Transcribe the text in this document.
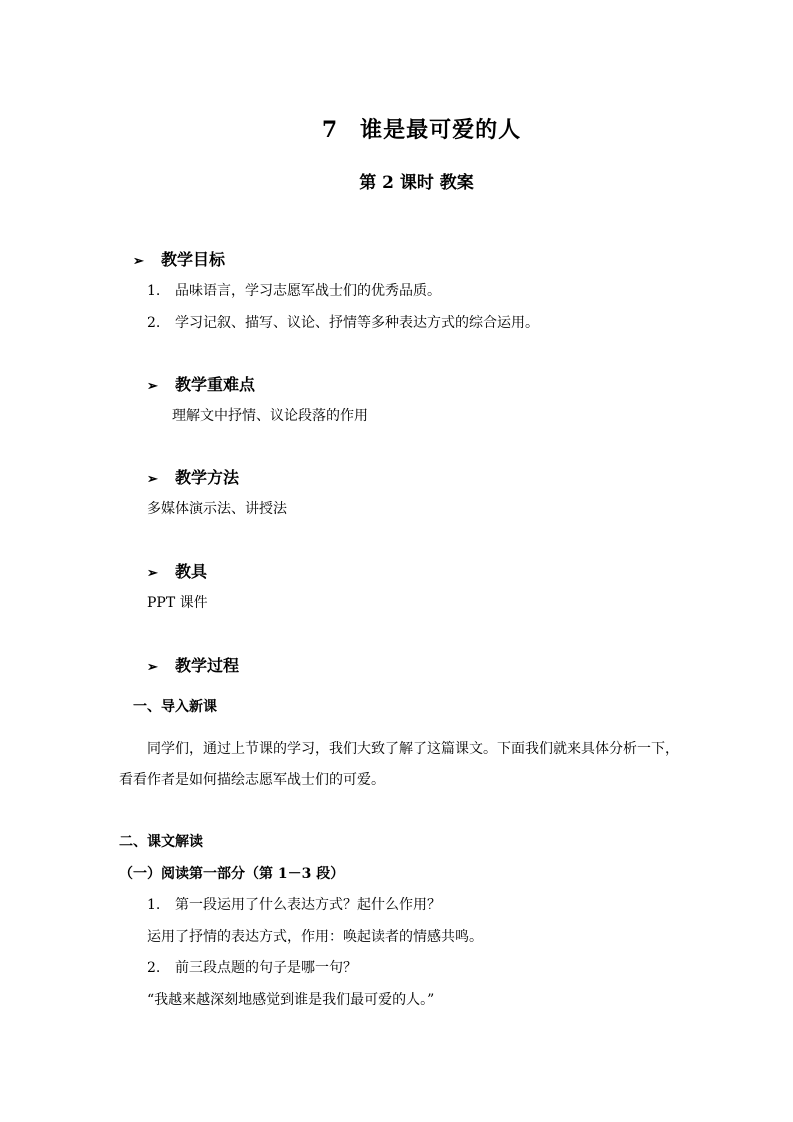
7 谁是最可爱的人
第 2 课时 教案
➢ 教学目标
1. 品味语言，学习志愿军战士们的优秀品质。
2. 学习记叙、描写、议论、抒情等多种表达方式的综合运用。
➢ 教学重难点
理解文中抒情、议论段落的作用
➢ 教学方法
多媒体演示法、讲授法
➢ 教具
PPT 课件
➢ 教学过程
一、导入新课
同学们，通过上节课的学习，我们大致了解了这篇课文。下面我们就来具体分析一下，
看看作者是如何描绘志愿军战士们的可爱。
二、课文解读
（一）阅读第一部分（第 1－3 段）
1. 第一段运用了什么表达方式？起什么作用？
运用了抒情的表达方式，作用：唤起读者的情感共鸣。
2. 前三段点题的句子是哪一句？
“我越来越深刻地感觉到谁是我们最可爱的人。”
